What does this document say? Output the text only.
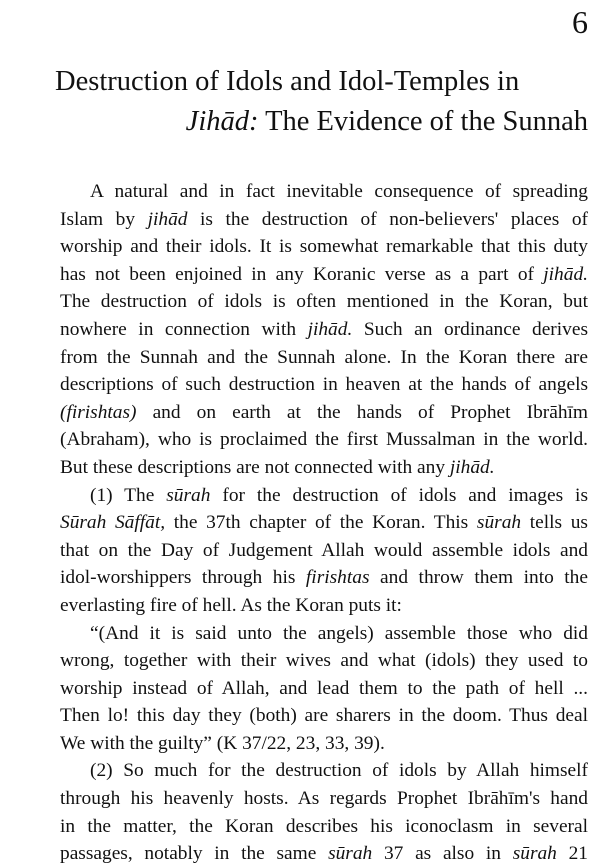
6
Destruction of Idols and Idol-Temples in
Jihād: The Evidence of the Sunnah
A natural and in fact inevitable consequence of spreading
Islam by jihād is the destruction of non-believers' places of
worship and their idols. It is somewhat remarkable that this duty
has not been enjoined in any Koranic verse as a part of jihād.
The destruction of idols is often mentioned in the Koran, but
nowhere in connection with jihād. Such an ordinance derives
from the Sunnah and the Sunnah alone. In the Koran there are
descriptions of such destruction in heaven at the hands of angels
(firishtas) and on earth at the hands of Prophet Ibrāhīm
(Abraham), who is proclaimed the first Mussalman in the world.
But these descriptions are not connected with any jihād.
(1) The sūrah for the destruction of idols and images is
Sūrah Sāffāt, the 37th chapter of the Koran. This sūrah tells us
that on the Day of Judgement Allah would assemble idols and
idol-worshippers through his firishtas and throw them into the
everlasting fire of hell. As the Koran puts it:
“(And it is said unto the angels) assemble those who did
wrong, together with their wives and what (idols) they used to
worship instead of Allah, and lead them to the path of hell ...
Then lo! this day they (both) are sharers in the doom. Thus deal
We with the guilty” (K 37/22, 23, 33, 39).
(2) So much for the destruction of idols by Allah himself
through his heavenly hosts. As regards Prophet Ibrāhīm's hand
in the matter, the Koran describes his iconoclasm in several
passages, notably in the same sūrah 37 as also in sūrah 21
